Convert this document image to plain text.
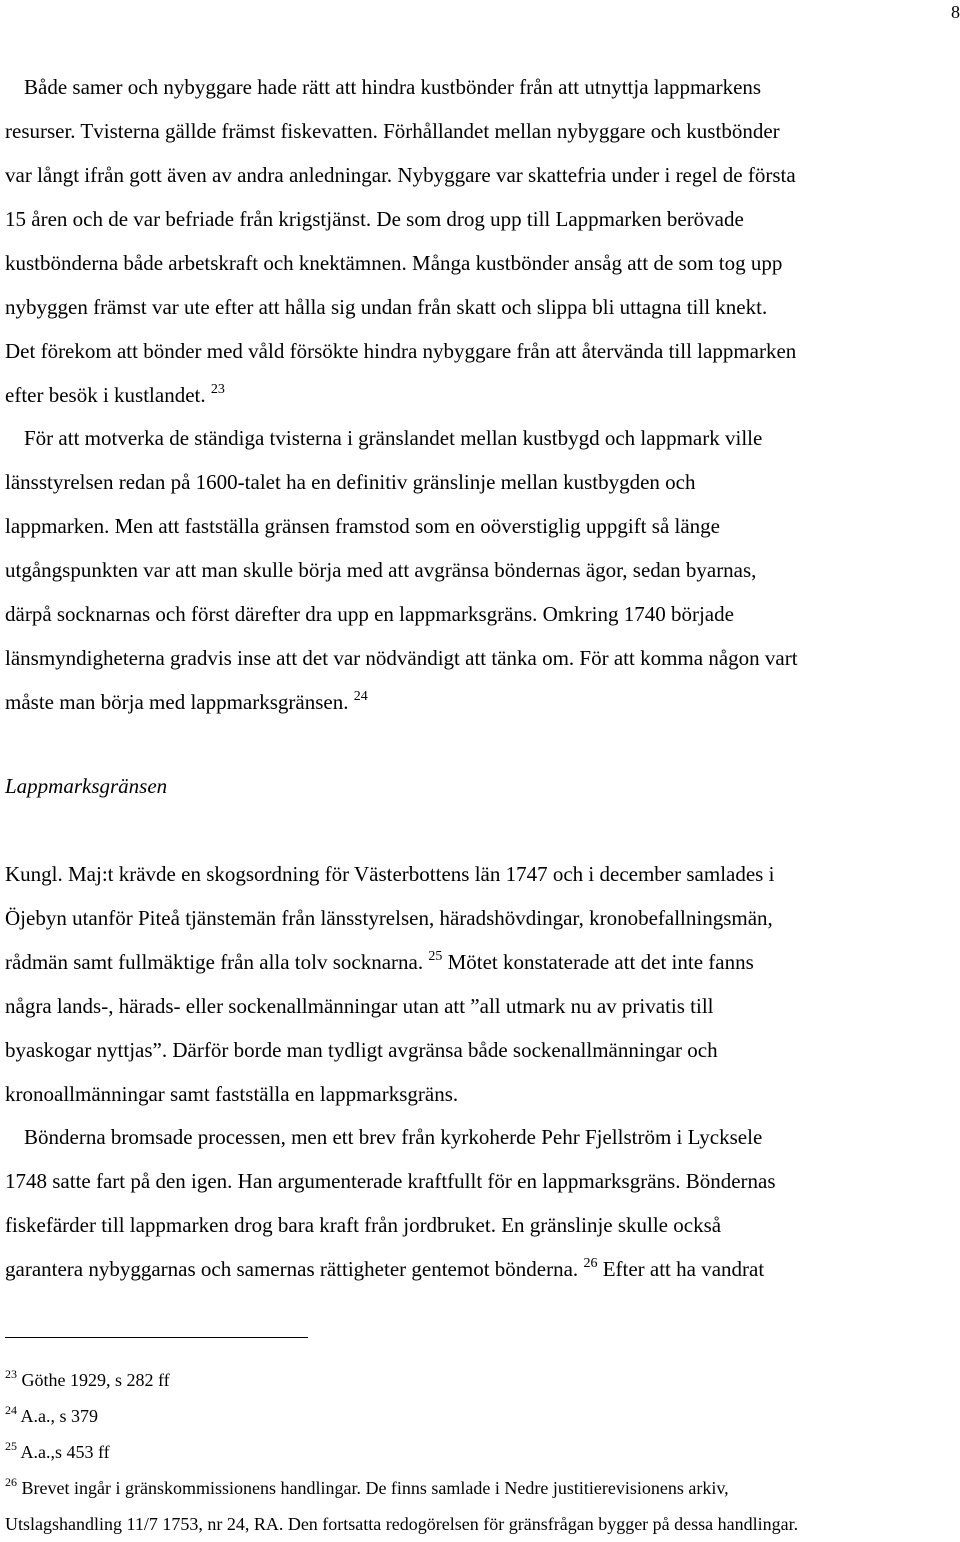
8
Både samer och nybyggare hade rätt att hindra kustbönder från att utnyttja lappmarkens
resurser. Tvisterna gällde främst fiskevatten. Förhållandet mellan nybyggare och kustbönder
var långt ifrån gott även av andra anledningar. Nybyggare var skattefria under i regel de första
15 åren och de var befriade från krigstjänst. De som drog upp till Lappmarken berövade
kustbönderna både arbetskraft och knektämnen. Många kustbönder ansåg att de som tog upp
nybyggen främst var ute efter att hålla sig undan från skatt och slippa bli uttagna till knekt.
Det förekom att bönder med våld försökte hindra nybyggare från att återvända till lappmarken
efter besök i kustlandet. $^{23}$
För att motverka de ständiga tvisterna i gränslandet mellan kustbygd och lappmark ville
länsstyrelsen redan på 1600-talet ha en definitiv gränslinje mellan kustbygden och
lappmarken. Men att fastställa gränsen framstod som en oöverstiglig uppgift så länge
utgångspunkten var att man skulle börja med att avgränsa böndernas ägor, sedan byarnas,
därpå socknarnas och först därefter dra upp en lappmarksgräns. Omkring 1740 började
länsmyndigheterna gradvis inse att det var nödvändigt att tänka om. För att komma någon vart
måste man börja med lappmarksgränsen. $^{24}$
Lappmarksgränsen
Kungl. Maj:t krävde en skogsordning för Västerbottens län 1747 och i december samlades i
Öjebyn utanför Piteå tjänstemän från länsstyrelsen, häradshövdingar, kronobefallningsmän,
rådmän samt fullmäktige från alla tolv socknarna. $^{25}$ Mötet konstaterade att det inte fanns
några lands-, härads- eller sockenallmänningar utan att ”all utmark nu av privatis till
byaskogar nyttjas”. Därför borde man tydligt avgränsa både sockenallmänningar och
kronoallmänningar samt fastställa en lappmarksgräns.
Bönderna bromsade processen, men ett brev från kyrkoherde Pehr Fjellström i Lycksele
1748 satte fart på den igen. Han argumenterade kraftfullt för en lappmarksgräns. Böndernas
fiskefärder till lappmarken drog bara kraft från jordbruket. En gränslinje skulle också
garantera nybyggarnas och samernas rättigheter gentemot bönderna. $^{26}$ Efter att ha vandrat
$^{23}$ Göthe 1929, s 282 ff
$^{24}$ A.a., s 379
$^{25}$ A.a.,s 453 ff
$^{26}$ Brevet ingår i gränskommissionens handlingar. De finns samlade i Nedre justitierevisionens arkiv,
Utslagshandling 11/7 1753, nr 24, RA. Den fortsatta redogörelsen för gränsfrågan bygger på dessa handlingar.
